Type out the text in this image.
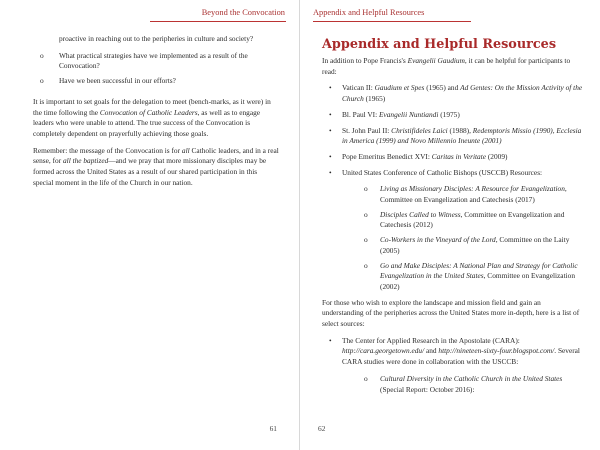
Beyond the Convocation
proactive in reaching out to the peripheries in culture and society?
o What practical strategies have we implemented as a result of the Convocation?
o Have we been successful in our efforts?

It is important to set goals for the delegation to meet (bench-marks, as it were) in the time following the Convocation of Catholic Leaders, as well as to engage leaders who were unable to attend. The true success of the Convocation is completely dependent on prayerfully achieving those goals.

Remember: the message of the Convocation is for all Catholic leaders, and in a real sense, for all the baptized—and we pray that more missionary disciples may be formed across the United States as a result of our shared participation in this special moment in the life of the Church in our nation.

61
Appendix and Helpful Resources
Appendix and Helpful Resources

In addition to Pope Francis's Evangelii Gaudium, it can be helpful for participants to read:

• Vatican II: Gaudium et Spes (1965) and Ad Gentes: On the Mission Activity of the Church (1965)
• Bl. Paul VI: Evangelii Nuntiandi (1975)
• St. John Paul II: Christifideles Laici (1988), Redemptoris Missio (1990), Ecclesia in America (1999) and Novo Millennio Ineunte (2001)
• Pope Emeritus Benedict XVI: Caritas in Veritate (2009)
• United States Conference of Catholic Bishops (USCCB) Resources:
o Living as Missionary Disciples: A Resource for Evangelization, Committee on Evangelization and Catechesis (2017)
o Disciples Called to Witness, Committee on Evangelization and Catechesis (2012)
o Co-Workers in the Vineyard of the Lord, Committee on the Laity (2005)
o Go and Make Disciples: A National Plan and Strategy for Catholic Evangelization in the United States, Committee on Evangelization (2002)

For those who wish to explore the landscape and mission field and gain an understanding of the peripheries across the United States more in-depth, here is a list of select sources:

• The Center for Applied Research in the Apostolate (CARA): http://cara.georgetown.edu/ and http://nineteen-sixty-four.blogspot.com/. Several CARA studies were done in collaboration with the USCCB:
o Cultural Diversity in the Catholic Church in the United States (Special Report: October 2016):
62
